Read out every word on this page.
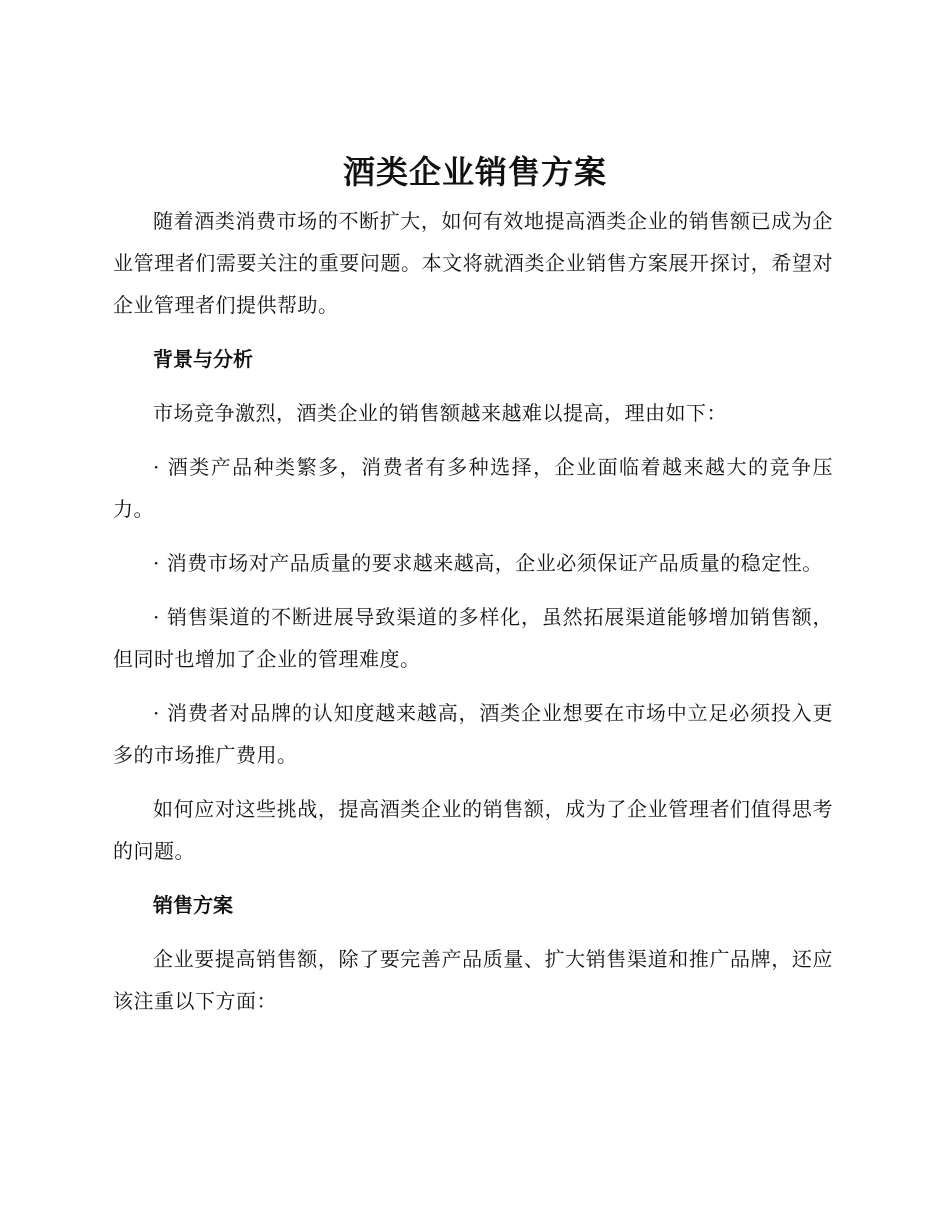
酒类企业销售方案

随着酒类消费市场的不断扩大，如何有效地提高酒类企业的销售额已成为企业管理者们需要关注的重要问题。本文将就酒类企业销售方案展开探讨，希望对企业管理者们提供帮助。

背景与分析

市场竞争激烈，酒类企业的销售额越来越难以提高，理由如下：

· 酒类产品种类繁多，消费者有多种选择，企业面临着越来越大的竞争压力。

· 消费市场对产品质量的要求越来越高，企业必须保证产品质量的稳定性。

· 销售渠道的不断进展导致渠道的多样化，虽然拓展渠道能够增加销售额，但同时也增加了企业的管理难度。

· 消费者对品牌的认知度越来越高，酒类企业想要在市场中立足必须投入更多的市场推广费用。

如何应对这些挑战，提高酒类企业的销售额，成为了企业管理者们值得思考的问题。

销售方案

企业要提高销售额，除了要完善产品质量、扩大销售渠道和推广品牌，还应该注重以下方面：
